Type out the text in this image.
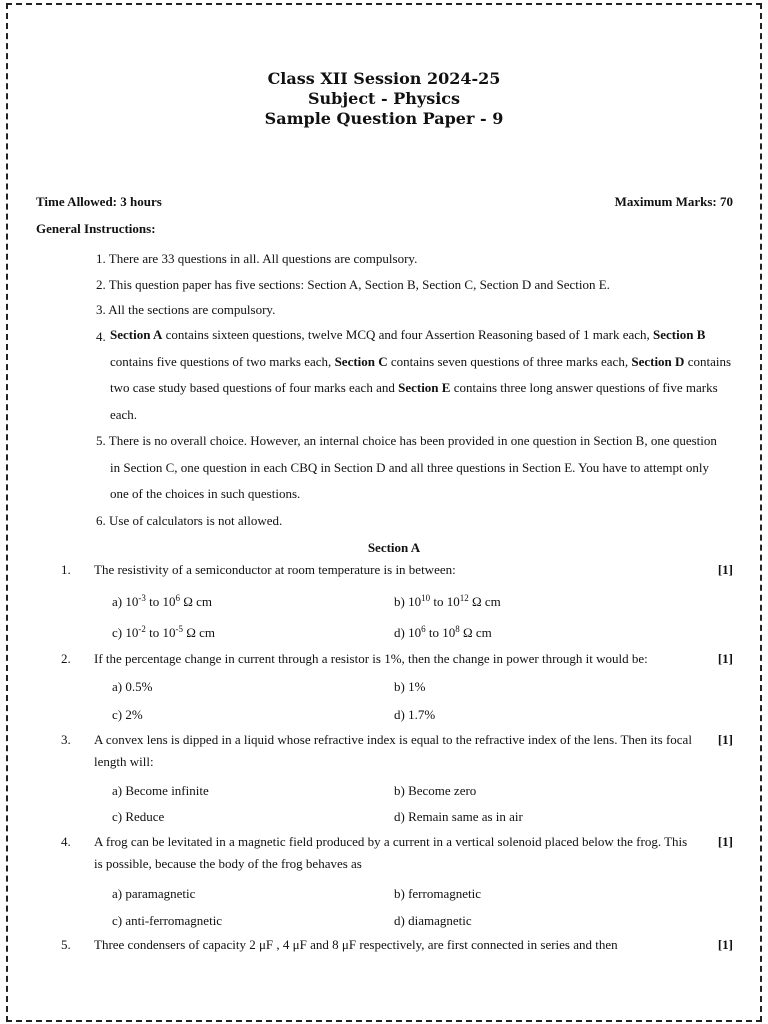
Class XII Session 2024-25
Subject - Physics
Sample Question Paper - 9
Time Allowed: 3 hours	Maximum Marks: 70
General Instructions:
1. There are 33 questions in all. All questions are compulsory.
2. This question paper has five sections: Section A, Section B, Section C, Section D and Section E.
3. All the sections are compulsory.
4. Section A contains sixteen questions, twelve MCQ and four Assertion Reasoning based of 1 mark each, Section B contains five questions of two marks each, Section C contains seven questions of three marks each, Section D contains two case study based questions of four marks each and Section E contains three long answer questions of five marks each.
5. There is no overall choice. However, an internal choice has been provided in one question in Section B, one question in Section C, one question in each CBQ in Section D and all three questions in Section E. You have to attempt only one of the choices in such questions.
6. Use of calculators is not allowed.
Section A
1. The resistivity of a semiconductor at room temperature is in between:	[1]
a) $10^{-3}$ to $10^6$ Ω cm	b) $10^{10}$ to $10^{12}$ Ω cm
c) $10^{-2}$ to $10^{-5}$ Ω cm	d) $10^6$ to $10^8$ Ω cm
2. If the percentage change in current through a resistor is 1%, then the change in power through it would be:	[1]
a) 0.5%	b) 1%
c) 2%	d) 1.7%
3. A convex lens is dipped in a liquid whose refractive index is equal to the refractive index of the lens. Then its focal length will:
[1]
a) Become infinite	b) Become zero
c) Reduce	d) Remain same as in air
4. A frog can be levitated in a magnetic field produced by a current in a vertical solenoid placed below the frog. This is possible, because the body of the frog behaves as
[1]
a) paramagnetic	b) ferromagnetic
c) anti-ferromagnetic	d) diamagnetic
5. Three condensers of capacity 2 μF , 4 μF and 8 μF respectively, are first connected in series and then	[1]
